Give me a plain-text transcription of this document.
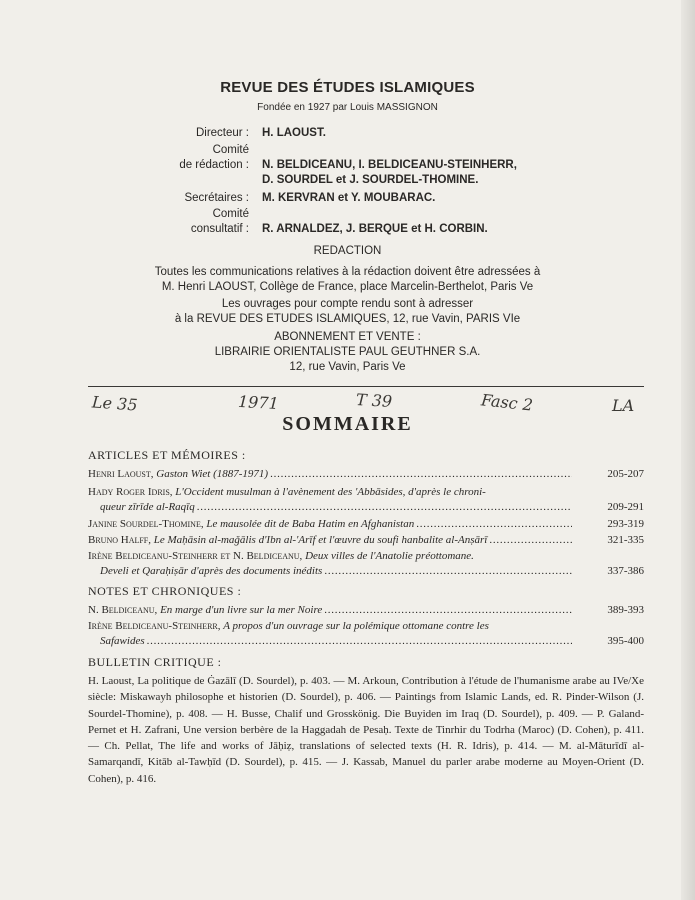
REVUE DES ÉTUDES ISLAMIQUES
Fondée en 1927 par Louis MASSIGNON
Directeur : H. LAOUST.
Comité
de rédaction : N. BELDICEANU, I. BELDICEANU-STEINHERR,
D. SOURDEL et J. SOURDEL-THOMINE.
Secrétaires : M. KERVRAN et Y. MOUBARAC.
Comité
consultatif : R. ARNALDEZ, J. BERQUE et H. CORBIN.
REDACTION
Toutes les communications relatives à la rédaction doivent être adressées à
M. Henri LAOUST, Collège de France, place Marcelin-Berthelot, Paris Ve
Les ouvrages pour compte rendu sont à adresser
à la REVUE DES ETUDES ISLAMIQUES, 12, rue Vavin, PARIS VIe
ABONNEMENT ET VENTE :
LIBRAIRIE ORIENTALISTE PAUL GEUTHNER S.A.
12, rue Vavin, Paris Ve
Le 35	1971	T 39	Fasc 2	LA
SOMMAIRE
ARTICLES ET MÉMOIRES :
Henri Laoust, Gaston Wiet (1887-1971) . . .	205-207
Hady Roger Idris, L'Occident musulman à l'avènement des 'Abbāsides, d'après le chroni-
queur zīrīde al-Raqīq . . .	209-291
Janine Sourdel-Thomine, Le mausolée dit de Baba Hatim en Afghanistan . . .	293-319
Bruno Halff, Le Maḥāsin al-maǧālis d'Ibn al-'Arīf et l'œuvre du soufi hanbalite al-Anṣārī . . .	321-335
Irène Beldiceanu-Steinherr et N. Beldiceanu, Deux villes de l'Anatolie préottomane.
Develi et Qaraḥiṣār d'après des documents inédits . . .	337-386
NOTES ET CHRONIQUES :
N. Beldiceanu, En marge d'un livre sur la mer Noire . . .	389-393
Irène Beldiceanu-Steinherr, A propos d'un ouvrage sur la polémique ottomane contre les
Safawides . . .	395-400
BULLETIN CRITIQUE :
H. Laoust, La politique de Ġazālī (D. Sourdel), p. 403. — M. Arkoun, Contribution à l'étude de l'humanisme arabe au IVe/Xe siècle: Miskawayh philosophe et historien (D. Sourdel), p. 406. — Paintings from Islamic Lands, ed. R. Pinder-Wilson (J. Sourdel-Thomine), p. 408. — H. Busse, Chalif und Grosskönig. Die Buyiden im Iraq (D. Sourdel), p. 409. — P. Galand-Pernet et H. Zafrani, Une version berbère de la Haggadah de Pesaḥ. Texte de Tinrhir du Todrha (Maroc) (D. Cohen), p. 411. — Ch. Pellat, The life and works of Jāḥiẓ, translations of selected texts (H. R. Idris), p. 414. — M. al-Māturīdī al-Samarqandī, Kitāb al-Tawḥīd (D. Sourdel), p. 415. — J. Kassab, Manuel du parler arabe moderne au Moyen-Orient (D. Cohen), p. 416.
